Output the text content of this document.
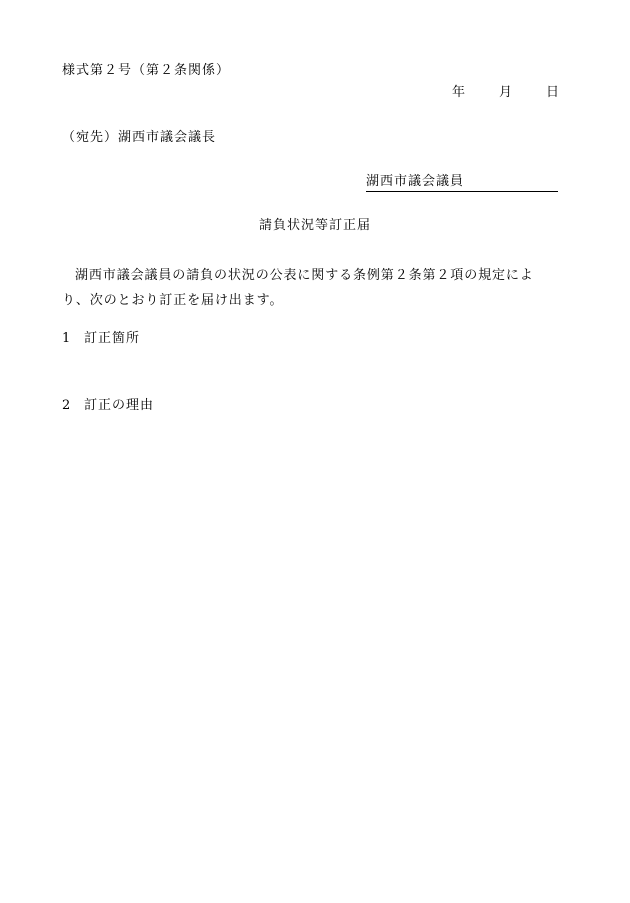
様式第２号（第２条関係）
年	月	日
（宛先）湖西市議会議長
湖西市議会議員
請負状況等訂正届
湖西市議会議員の請負の状況の公表に関する条例第２条第２項の規定により、次のとおり訂正を届け出ます。
1 訂正箇所
2 訂正の理由
